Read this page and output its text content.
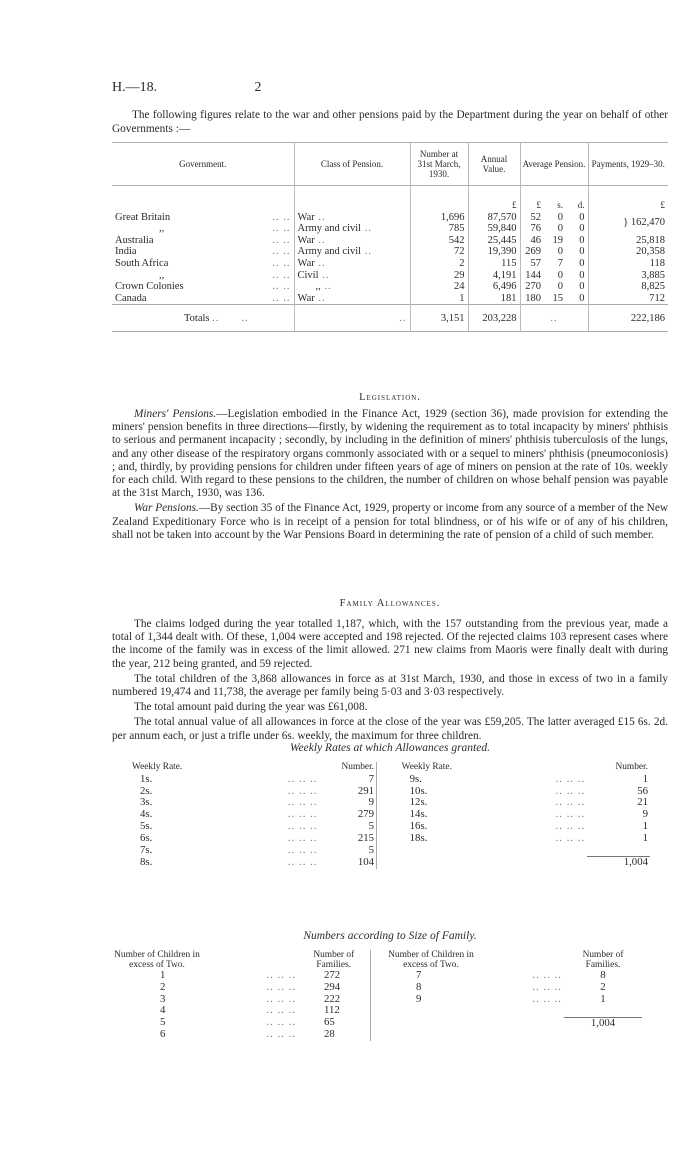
H.—18.	2

The following figures relate to the war and other pensions paid by the Department during the year on behalf of other Governments :—

Government.	Class of Pension.	Number at 31st March, 1930.	Annual Value.	Average Pension.			Payments, 1929–30.
			£	£	s.	d.	£

.. ..
Great Britain	War ..	1,696	87,570	52	0	0	} 162,470

.. ..
,,	Army and civil ..	785	59,840	76	0	0	

.. ..
Australia	War ..	542	25,445	46	19	0	25,818

.. ..
India	Army and civil ..	72	19,390	269	0	0	20,358

.. ..
South Africa	War ..	2	115	57	7	0	118

.. ..
,,	Civil ..	29	4,191	144	0	0	3,885

.. ..
Crown Colonies	,, ..	24	6,496	270	0	0	8,825

.. ..
Canada	War ..	1	181	180	15	0	712

Totals .. ..	..	3,151	203,228	..			222,186

Legislation.

Miners' Pensions.—Legislation embodied in the Finance Act, 1929 (section 36), made provision for extending the miners' pension benefits in three directions—firstly, by widening the requirement as to total incapacity by miners' phthisis to serious and permanent incapacity ; secondly, by including in the definition of miners' phthisis tuberculosis of the lungs, and any other disease of the respiratory organs commonly associated with or a sequel to miners' phthisis (pneumoconiosis) ; and, thirdly, by providing pensions for children under fifteen years of age of miners on pension at the rate of 10s. weekly for each child. With regard to these pensions to the children, the number of children on whose behalf pension was payable at the 31st March, 1930, was 136.

War Pensions.—By section 35 of the Finance Act, 1929, property or income from any source of a member of the New Zealand Expeditionary Force who is in receipt of a pension for total blindness, or of his wife or of any of his children, shall not be taken into account by the War Pensions Board in determining the rate of pension of a child of such member.

Family Allowances.

The claims lodged during the year totalled 1,187, which, with the 157 outstanding from the previous year, made a total of 1,344 dealt with. Of these, 1,004 were accepted and 198 rejected. Of the rejected claims 103 represent cases where the income of the family was in excess of the limit allowed. 271 new claims from Maoris were finally dealt with during the year, 212 being granted, and 59 rejected.

The total children of the 3,868 allowances in force as at 31st March, 1930, and those in excess of two in a family numbered 19,474 and 11,738, the average per family being 5·03 and 3·03 respectively.

The total amount paid during the year was £61,008.

The total annual value of all allowances in force at the close of the year was £59,205. The latter averaged £15 6s. 2d. per annum each, or just a trifle under 6s. weekly, the maximum for three children.

Weekly Rates at which Allowances granted.
Weekly Rate.		Number.		Weekly Rate.		Number.
1s.	.. .. ..	7		9s.	.. .. ..	1
2s.	.. .. ..	291		10s.	.. .. ..	56
3s.	.. .. ..	9		12s.	.. .. ..	21
4s.	.. .. ..	279		14s.	.. .. ..	9
5s.	.. .. ..	5		16s.	.. .. ..	1
6s.	.. .. ..	215		18s.	.. .. ..	1
7s.	.. .. ..	5				
8s.	.. .. ..	104				1,004
Numbers according to Size of Family.
Number of Children in excess of Two.		Number of Families.		Number of Children in excess of Two.		Number of Families.
1	.. .. ..	272		7	.. .. ..	8
2	.. .. ..	294		8	.. .. ..	2
3	.. .. ..	222		9	.. .. ..	1
4	.. .. ..	112				
5	.. .. ..	65				1,004
6	.. .. ..	28				
